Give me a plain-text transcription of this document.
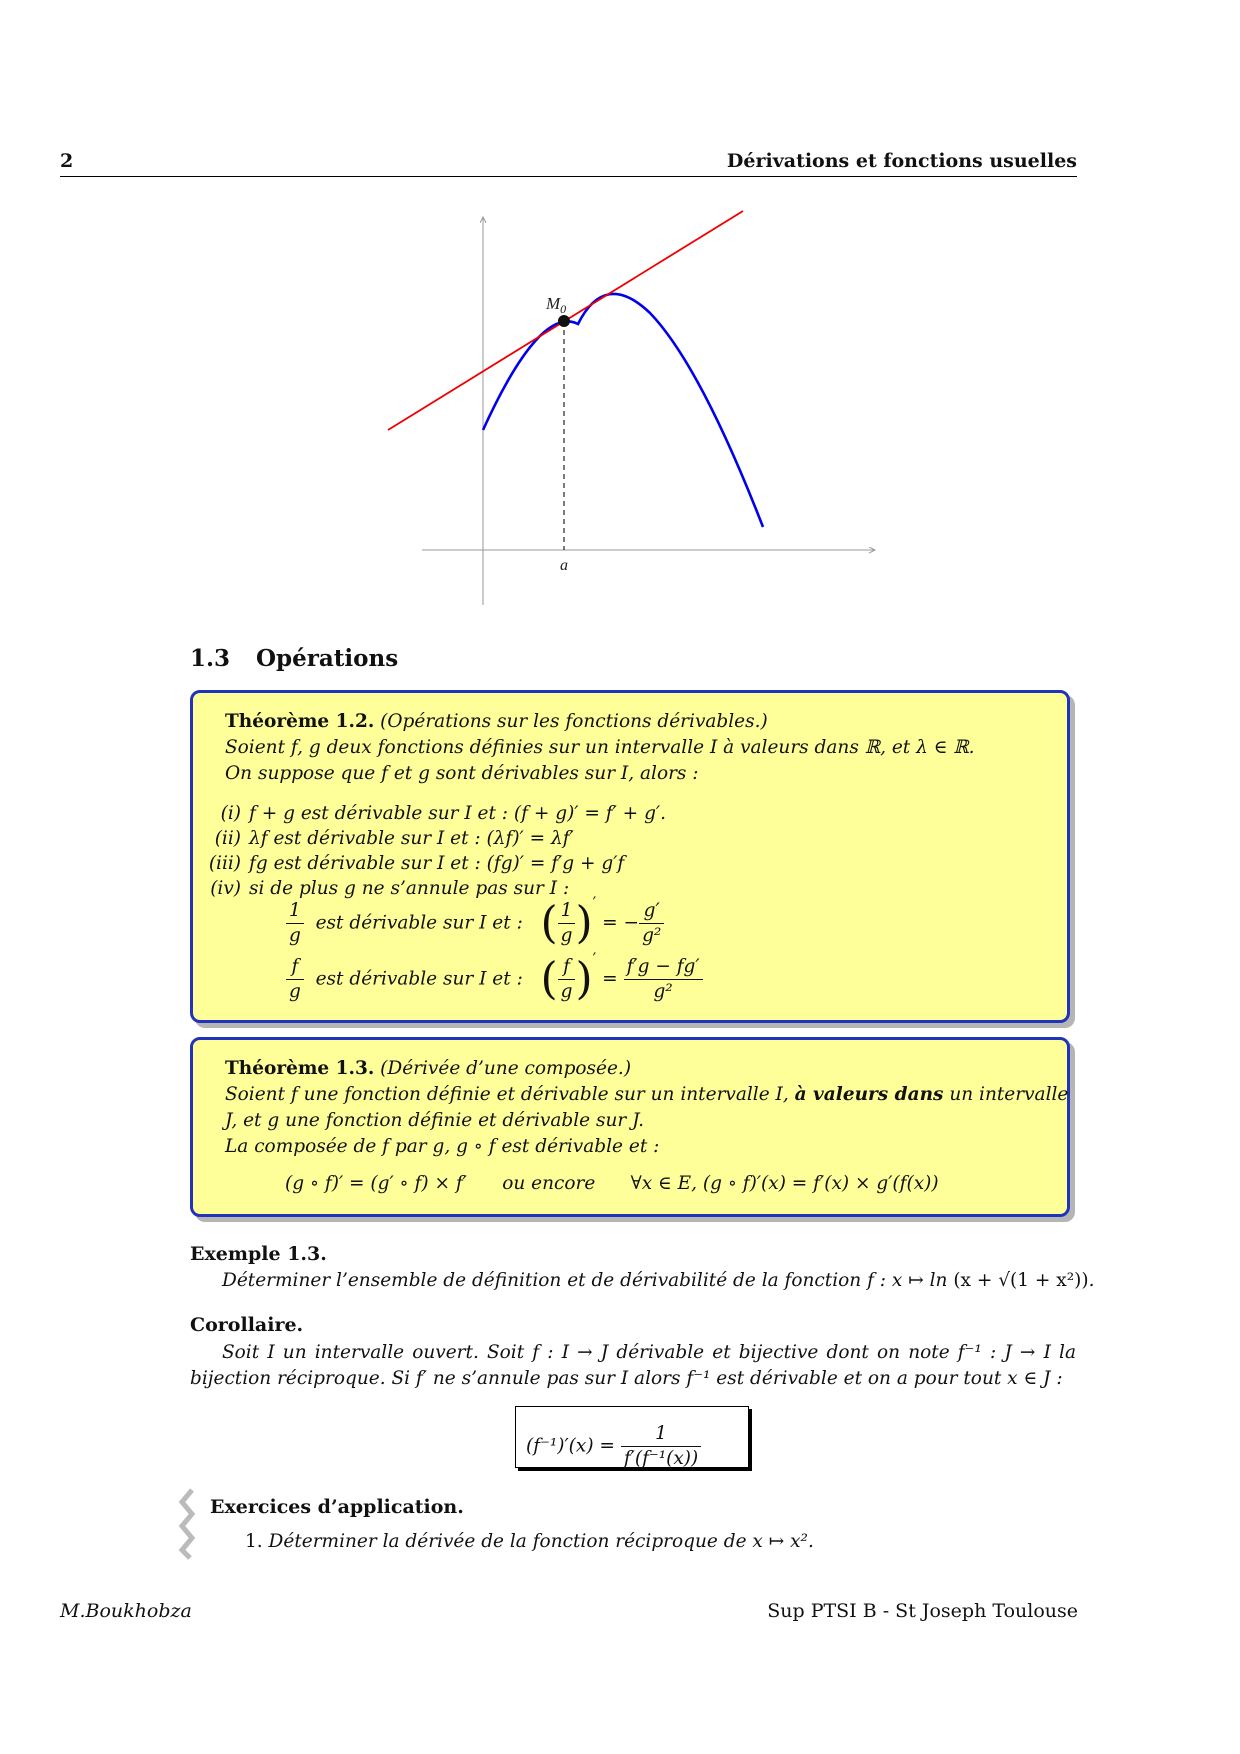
2	Dérivations et fonctions usuelles
$M_0$
a
1.3 Opérations
Théorème 1.2. (Opérations sur les fonctions dérivables.)
Soient f, g deux fonctions définies sur un intervalle I à valeurs dans ℝ, et λ ∈ ℝ.
On suppose que f et g sont dérivables sur I, alors :
(i) f + g est dérivable sur I et : (f + g)′ = f′ + g′.
(ii) λf est dérivable sur I et : (λf)′ = λf′
(iii) fg est dérivable sur I et : (fg)′ = f′g + g′f
(iv) si de plus g ne s’annule pas sur I :
$\frac{1}{g}$ est dérivable sur I et : ( $\frac{1}{g}$ )′ = − $\frac{g'}{\text{g²}}$
$\frac{f}{g}$ est dérivable sur I et : ( $\frac{f}{g}$ )′ = $\frac{f'g - fg'}{\text{g²}}$
Théorème 1.3. (Dérivée d’une composée.)
Soient f une fonction définie et dérivable sur un intervalle I, à valeurs dans un intervalle
J, et g une fonction définie et dérivable sur J.
La composée de f par g, g ∘ f est dérivable et :
(g ∘ f)′ = (g′ ∘ f) × f′ ou encore ∀x ∈ E, (g ∘ f)′(x) = f′(x) × g′(f(x))
Exemple 1.3.
Déterminer l’ensemble de définition et de dérivabilité de la fonction f : x ↦ ln (x + √(1 + x²)).
Corollaire.
Soit I un intervalle ouvert. Soit f : I → J dérivable et bijective dont on note f⁻¹ : J → I la bijection réciproque. Si f′ ne s’annule pas sur I alors f⁻¹ est dérivable et on a pour tout x ∈ J :
$(f^{-1})'(x) = \frac{1}{\text{f′(f⁻¹(x))}}$
Exercices d’application.
1. Déterminer la dérivée de la fonction réciproque de x ↦ x².
M.Boukhobza	Sup PTSI B - St Joseph Toulouse
